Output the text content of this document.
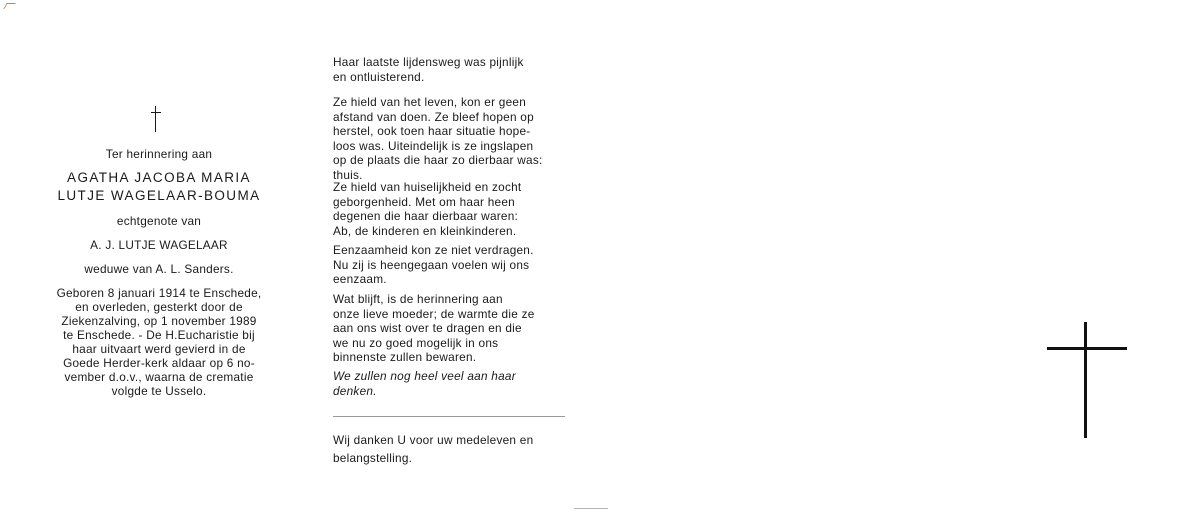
Ter herinnering aan
AGATHA JACOBA MARIA
LUTJE WAGELAAR-BOUMA
echtgenote van
A. J. LUTJE WAGELAAR
weduwe van A. L. Sanders.
Geboren 8 januari 1914 te Enschede,
en overleden, gesterkt door de
Ziekenzalving, op 1 november 1989
te Enschede. - De H.Eucharistie bij
haar uitvaart werd gevierd in de
Goede Herder-kerk aldaar op 6 no-
vember d.o.v., waarna de crematie
volgde te Usselo.
Haar laatste lijdensweg was pijnlijk
en ontluisterend.
Ze hield van het leven, kon er geen
afstand van doen. Ze bleef hopen op
herstel, ook toen haar situatie hope-
loos was. Uiteindelijk is ze ingslapen
op de plaats die haar zo dierbaar was:
thuis.
Ze hield van huiselijkheid en zocht
geborgenheid. Met om haar heen
degenen die haar dierbaar waren:
Ab, de kinderen en kleinkinderen.
Eenzaamheid kon ze niet verdragen.
Nu zij is heengegaan voelen wij ons
eenzaam.
Wat blijft, is de herinnering aan
onze lieve moeder; de warmte die ze
aan ons wist over te dragen en die
we nu zo goed mogelijk in ons
binnenste zullen bewaren.
We zullen nog heel veel aan haar
denken.
Wij danken U voor uw medeleven en
belangstelling.
